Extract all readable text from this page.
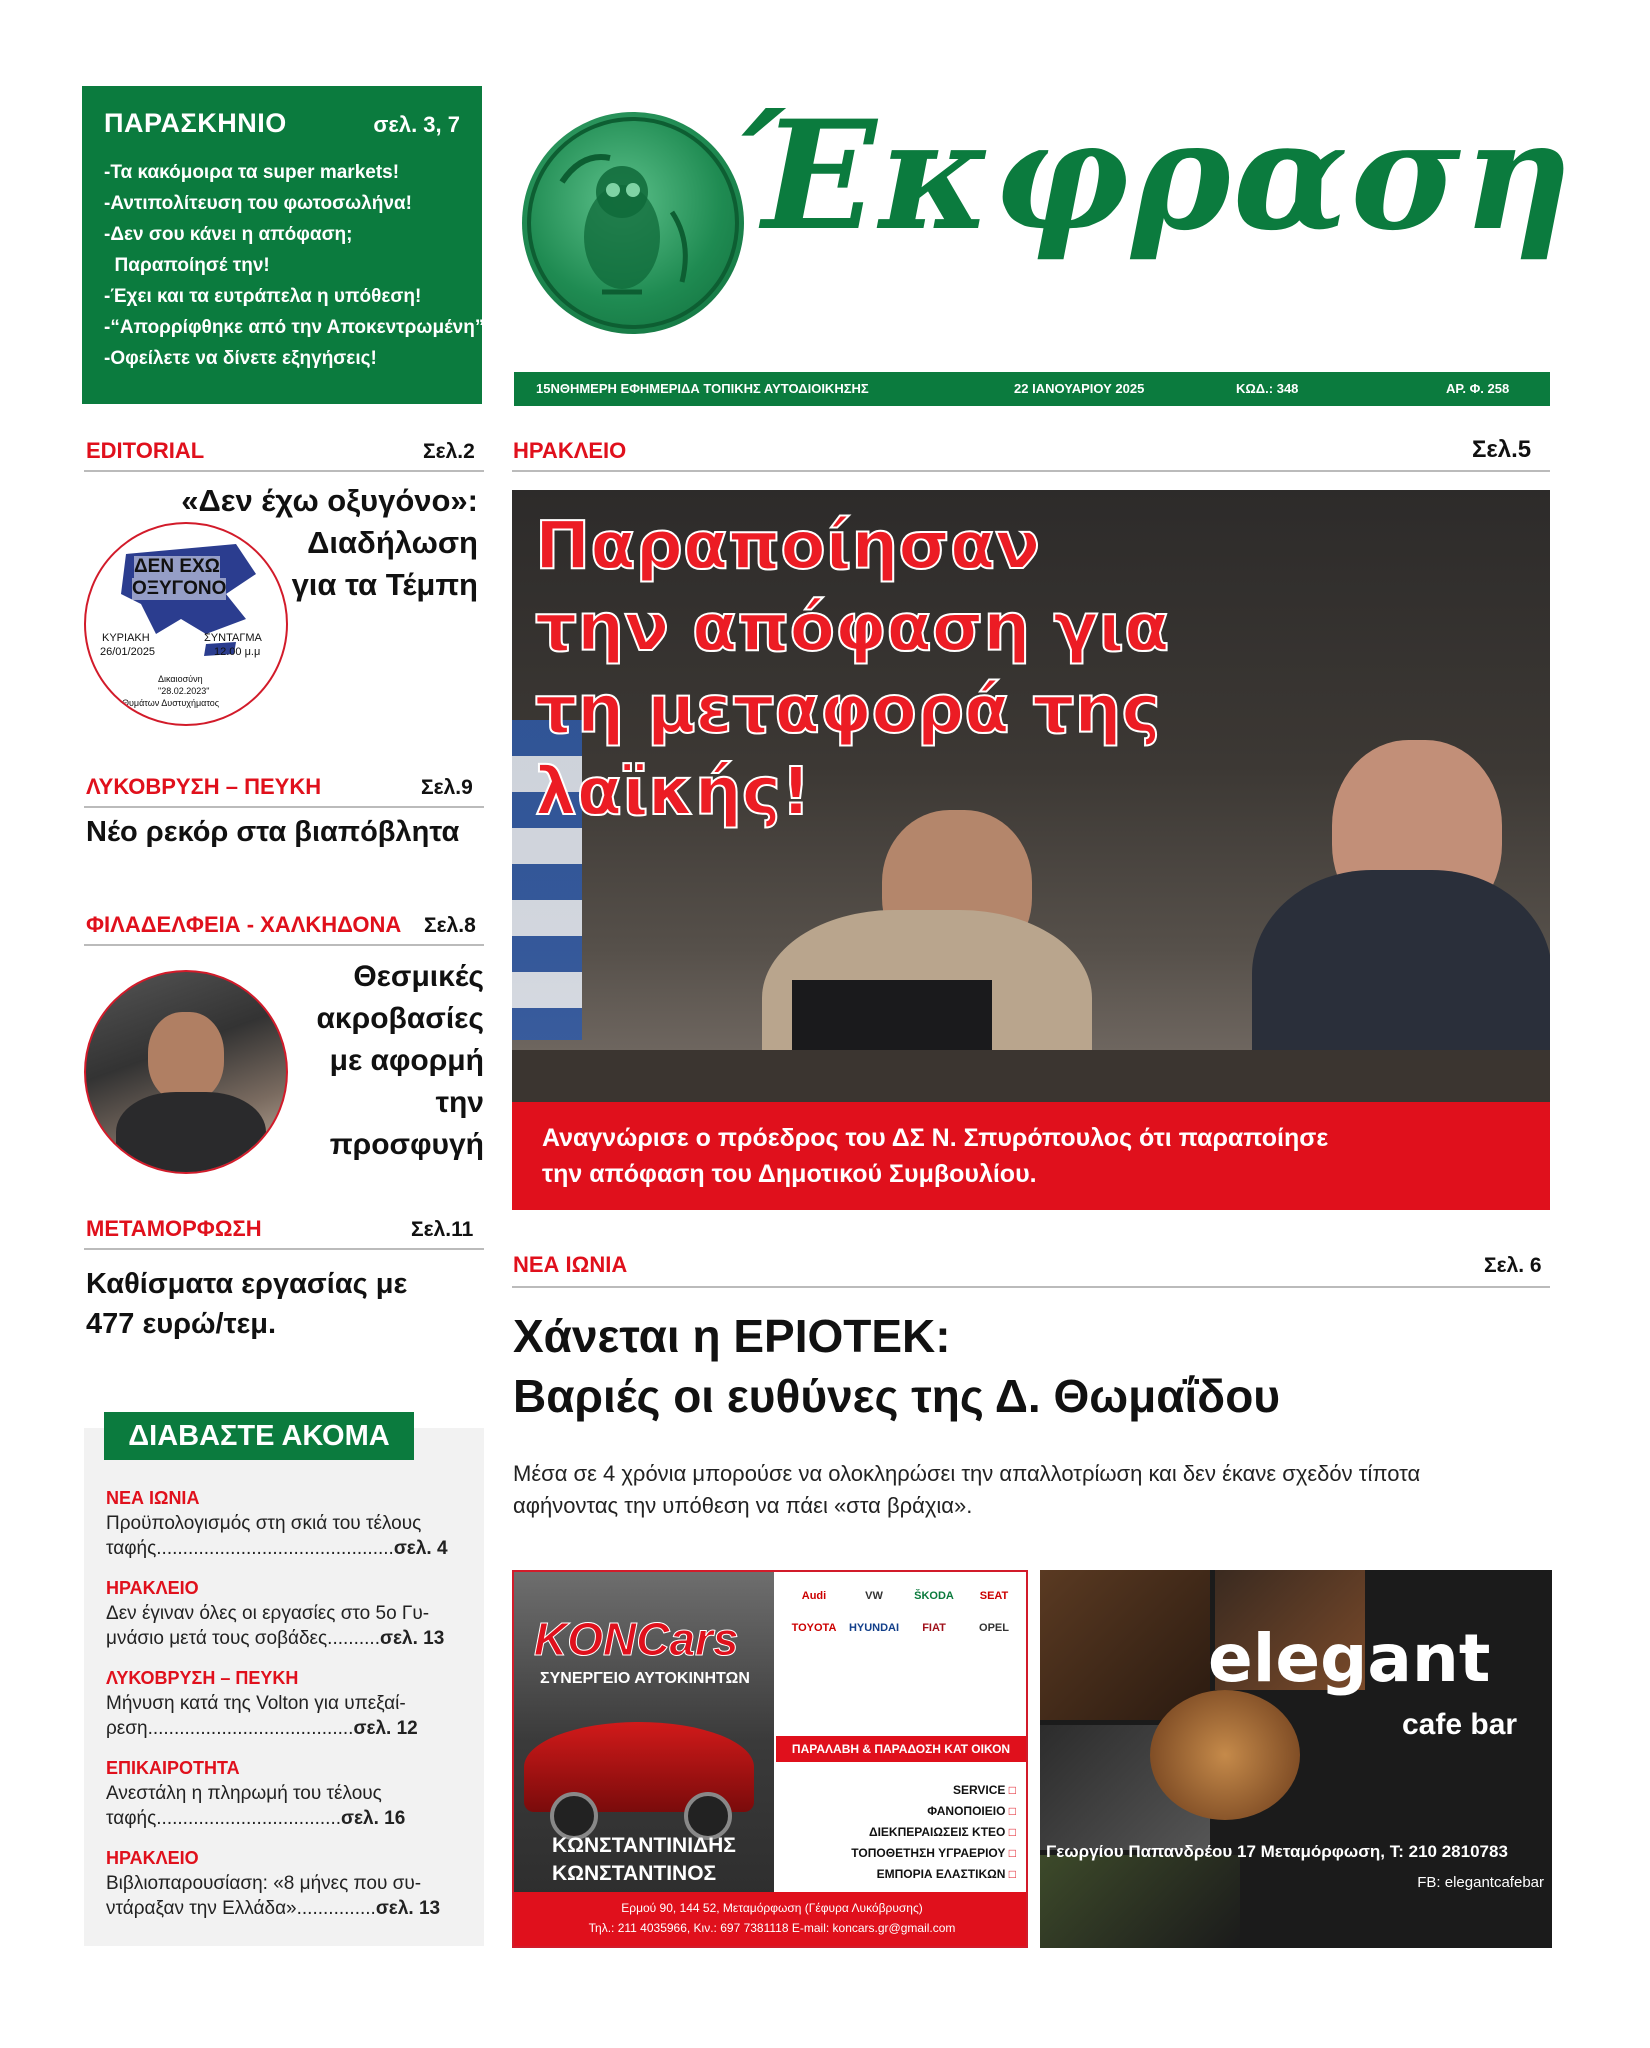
ΠΑΡΑΣΚΗΝΙΟ	σελ. 3, 7
-Τα κακόμοιρα τα super markets!
-Αντιπολίτευση του φωτοσωλήνα!
-Δεν σου κάνει η απόφαση;
Παραποίησέ την!
-Έχει και τα ευτράπελα η υπόθεση!
-“Απορρίφθηκε από την Αποκεντρωμένη”
-Οφείλετε να δίνετε εξηγήσεις!
Έκφραση
15ΝΘΗΜΕΡΗ ΕΦΗΜΕΡΙΔΑ ΤΟΠΙΚΗΣ ΑΥΤΟΔΙΟΙΚΗΣΗΣ	22 ΙΑΝΟΥΑΡΙΟΥ 2025	ΚΩΔ.: 348	ΑΡ. Φ. 258
EDITORIAL	Σελ.2
«Δεν έχω οξυγόνο»:
Διαδήλωση
για τα Τέμπη
ΔΕΝ ΕΧΩ
ΟΞΥΓΟΝΟ
ΚΥΡΙΑΚΗ
26/01/2025
ΣΥΝΤΑΓΜΑ
12.00 μ.μ
Δικαιοσύνη
"28.02.2023"
Θυμάτων Δυστυχήματος
ΛΥΚΟΒΡΥΣΗ – ΠΕΥΚΗ	Σελ.9
Νέο ρεκόρ στα βιαπόβλητα
ΦΙΛΑΔΕΛΦΕΙΑ - ΧΑΛΚΗΔΟΝΑ Σελ.8
Θεσμικές
ακροβασίες
με αφορμή
την
προσφυγή
ΜΕΤΑΜΟΡΦΩΣΗ	Σελ.11
Καθίσματα εργασίας με
477 ευρώ/τεμ.
ΗΡΑΚΛΕΙΟ	Σελ.5
Παραποίησαν
την απόφαση για
τη μεταφορά της
λαϊκής!
Αναγνώρισε ο πρόεδρος του ΔΣ Ν. Σπυρόπουλος ότι παραποίησε
την απόφαση του Δημοτικού Συμβουλίου.
ΝΕΑ ΙΩΝΙΑ	Σελ. 6
Χάνεται η ΕΡΙΟΤΕΚ:
Βαριές οι ευθύνες της Δ. Θωμαΐδου
Μέσα σε 4 χρόνια μπορούσε να ολοκληρώσει την απαλλοτρίωση και δεν έκανε σχεδόν τίποτα
αφήνοντας την υπόθεση να πάει «στα βράχια».
ΔΙΑΒΑΣΤΕ ΑΚΟΜΑ
ΝΕΑ ΙΩΝΙΑ
Προϋπολογισμός στη σκιά του τέλους
ταφής.............................................σελ. 4
ΗΡΑΚΛΕΙΟ
Δεν έγιναν όλες οι εργασίες στο 5ο Γυ-
μνάσιο μετά τους σοβάδες..........σελ. 13
ΛΥΚΟΒΡΥΣΗ – ΠΕΥΚΗ
Μήνυση κατά της Volton για υπεξαί-
ρεση.......................................σελ. 12
ΕΠΙΚΑΙΡΟΤΗΤΑ
Ανεστάλη η πληρωμή του τέλους
ταφής...................................σελ. 16
ΗΡΑΚΛΕΙΟ
Βιβλιοπαρουσίαση: «8 μήνες που συ-
ντάραξαν την Ελλάδα»...............σελ. 13
KONCars
ΣΥΝΕΡΓΕΙΟ ΑΥΤΟΚΙΝΗΤΩΝ
ΚΩΝΣΤΑΝΤΙΝΙΔΗΣ
ΚΩΝΣΤΑΝΤΙΝΟΣ
Audi	VW	ŠKODA	SEAT
TOYOTA	HYUNDAI	FIAT	OPEL
ΠΑΡΑΛΑΒΗ & ΠΑΡΑΔΟΣΗ ΚΑΤ ΟΙΚΟΝ
SERVICE □
ΦΑΝΟΠΟΙΕΙΟ □
ΔΙΕΚΠΕΡΑΙΩΣΕΙΣ ΚΤΕΟ □
ΤΟΠΟΘΕΤΗΣΗ ΥΓΡΑΕΡΙΟΥ □
ΕΜΠΟΡΙΑ ΕΛΑΣΤΙΚΩΝ □
Ερμού 90, 144 52, Μεταμόρφωση (Γέφυρα Λυκόβρυσης)
Τηλ.: 211 4035966, Κιν.: 697 7381118 E-mail: koncars.gr@gmail.com
elegant
cafe bar
Γεωργίου Παπανδρέου 17 Μεταμόρφωση, Τ: 210 2810783
FB: elegantcafebar
